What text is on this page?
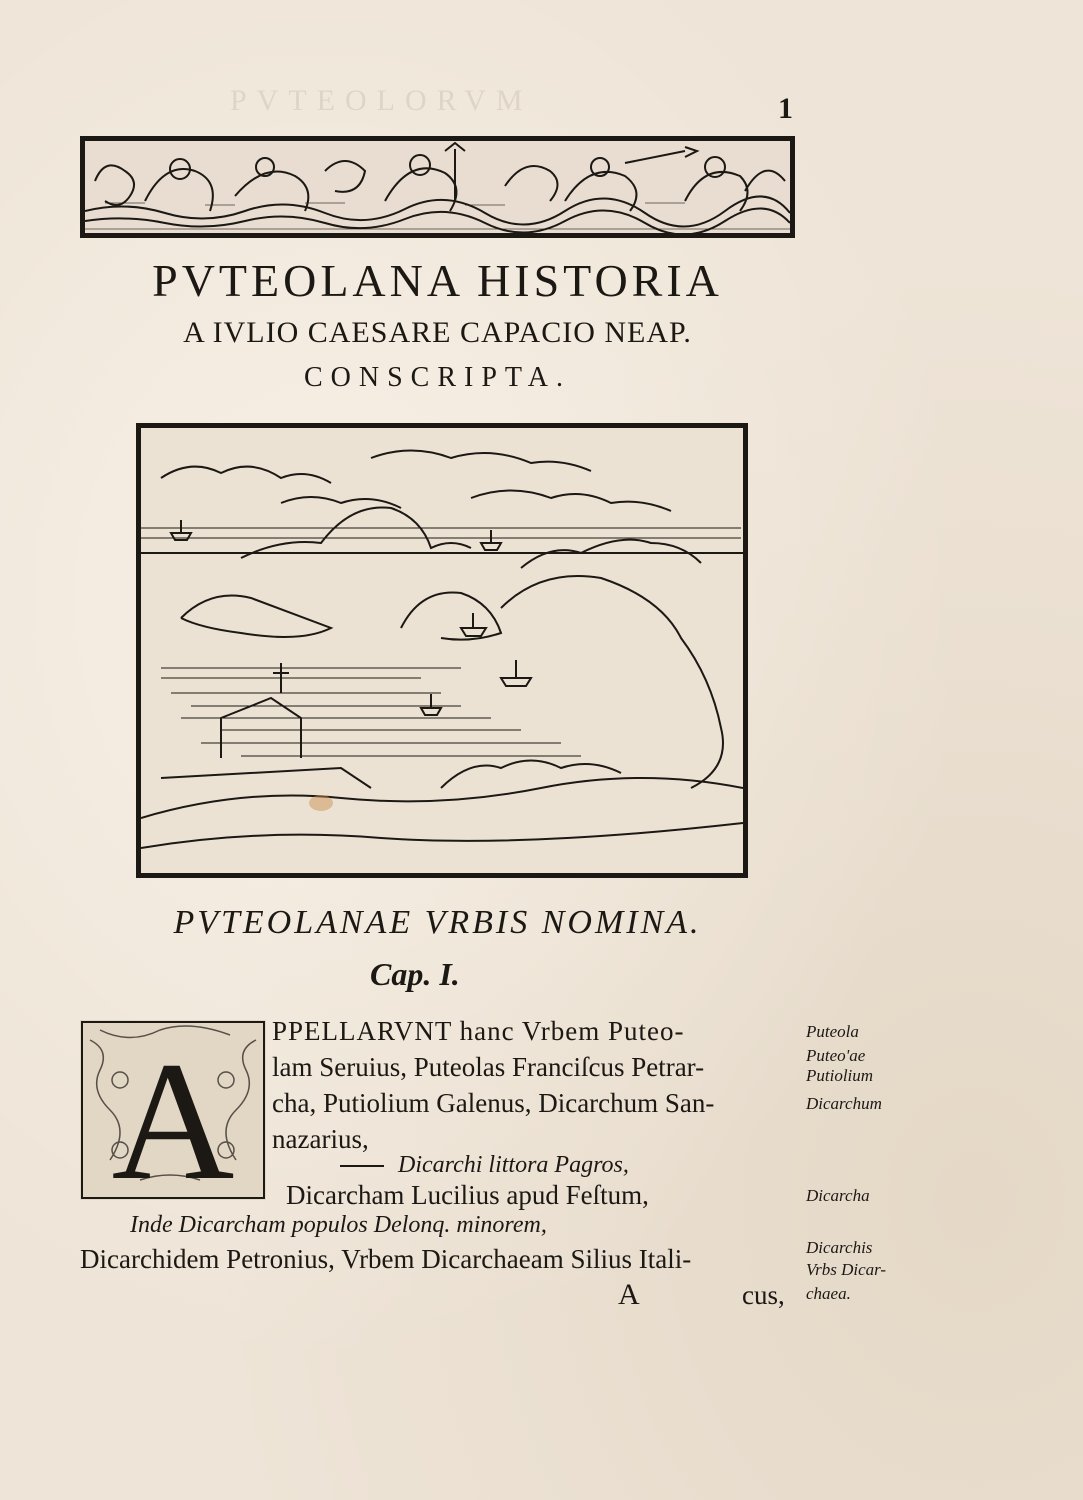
PVTEOLORVM	1
PVTEOLANA HISTORIA
A IVLIO CAESARE CAPACIO NEAP.
CONSCRIPTA.
PVTEOLANAE VRBIS NOMINA.
Cap. I.
A PPELLARVNT hanc Vrbem Puteo-
lam Seruius, Puteolas Franciſcus Petrar-
cha, Putiolium Galenus, Dicarchum San-
nazarius,
Dicarchi littora Pagros,
Dicarcham Lucilius apud Feſtum,
Inde Dicarcham populos Delonq. minorem,
Dicarchidem Petronius, Vrbem Dicarchaeam Silius Itali-
A	cus,
Puteola
Puteo'ae
Putiolium
Dicarchum
Dicarcha
Dicarchis
Vrbs Dicar-
chaea.
